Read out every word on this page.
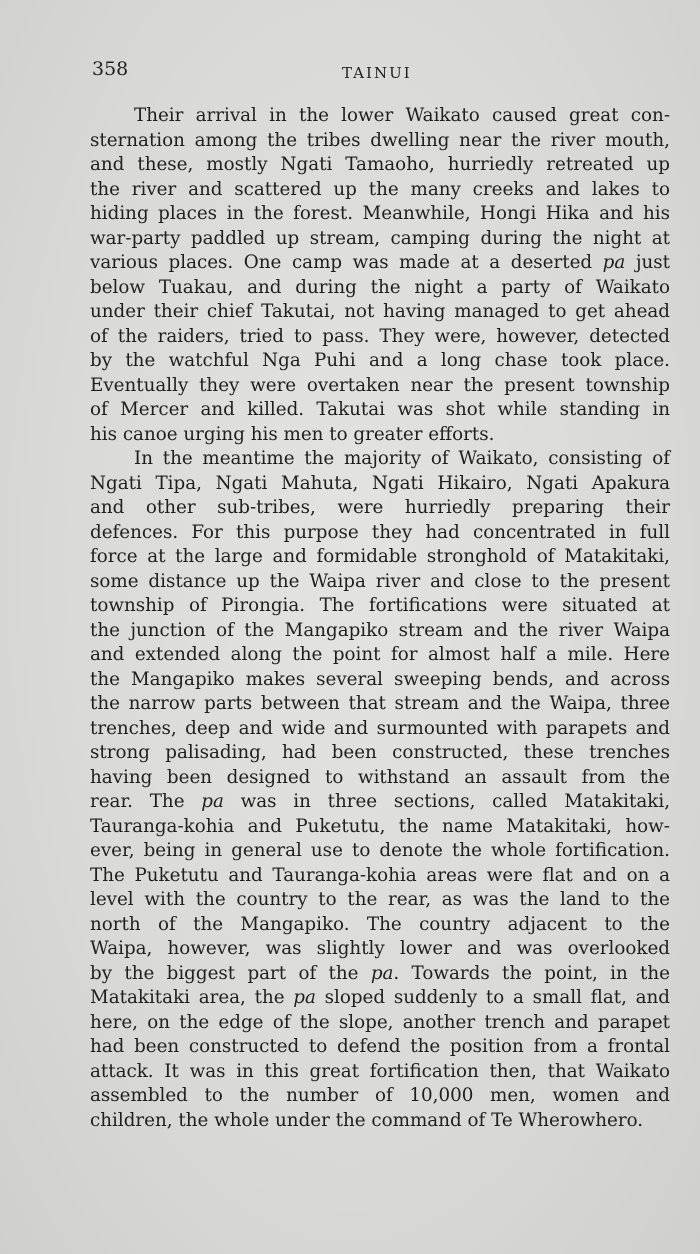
358	TAINUI
Their arrival in the lower Waikato caused great con-
sternation among the tribes dwelling near the river mouth,
and these, mostly Ngati Tamaoho, hurriedly retreated up
the river and scattered up the many creeks and lakes to
hiding places in the forest. Meanwhile, Hongi Hika and his
war-party paddled up stream, camping during the night at
various places. One camp was made at a deserted pa just
below Tuakau, and during the night a party of Waikato
under their chief Takutai, not having managed to get ahead
of the raiders, tried to pass. They were, however, detected
by the watchful Nga Puhi and a long chase took place.
Eventually they were overtaken near the present township
of Mercer and killed. Takutai was shot while standing in
his canoe urging his men to greater efforts.
In the meantime the majority of Waikato, consisting of
Ngati Tipa, Ngati Mahuta, Ngati Hikairo, Ngati Apakura
and other sub-tribes, were hurriedly preparing their
defences. For this purpose they had concentrated in full
force at the large and formidable stronghold of Matakitaki,
some distance up the Waipa river and close to the present
township of Pirongia. The fortifications were situated at
the junction of the Mangapiko stream and the river Waipa
and extended along the point for almost half a mile. Here
the Mangapiko makes several sweeping bends, and across
the narrow parts between that stream and the Waipa, three
trenches, deep and wide and surmounted with parapets and
strong palisading, had been constructed, these trenches
having been designed to withstand an assault from the
rear. The pa was in three sections, called Matakitaki,
Tauranga-kohia and Puketutu, the name Matakitaki, how-
ever, being in general use to denote the whole fortification.
The Puketutu and Tauranga-kohia areas were flat and on a
level with the country to the rear, as was the land to the
north of the Mangapiko. The country adjacent to the
Waipa, however, was slightly lower and was overlooked
by the biggest part of the pa. Towards the point, in the
Matakitaki area, the pa sloped suddenly to a small flat, and
here, on the edge of the slope, another trench and parapet
had been constructed to defend the position from a frontal
attack. It was in this great fortification then, that Waikato
assembled to the number of 10,000 men, women and
children, the whole under the command of Te Wherowhero.
